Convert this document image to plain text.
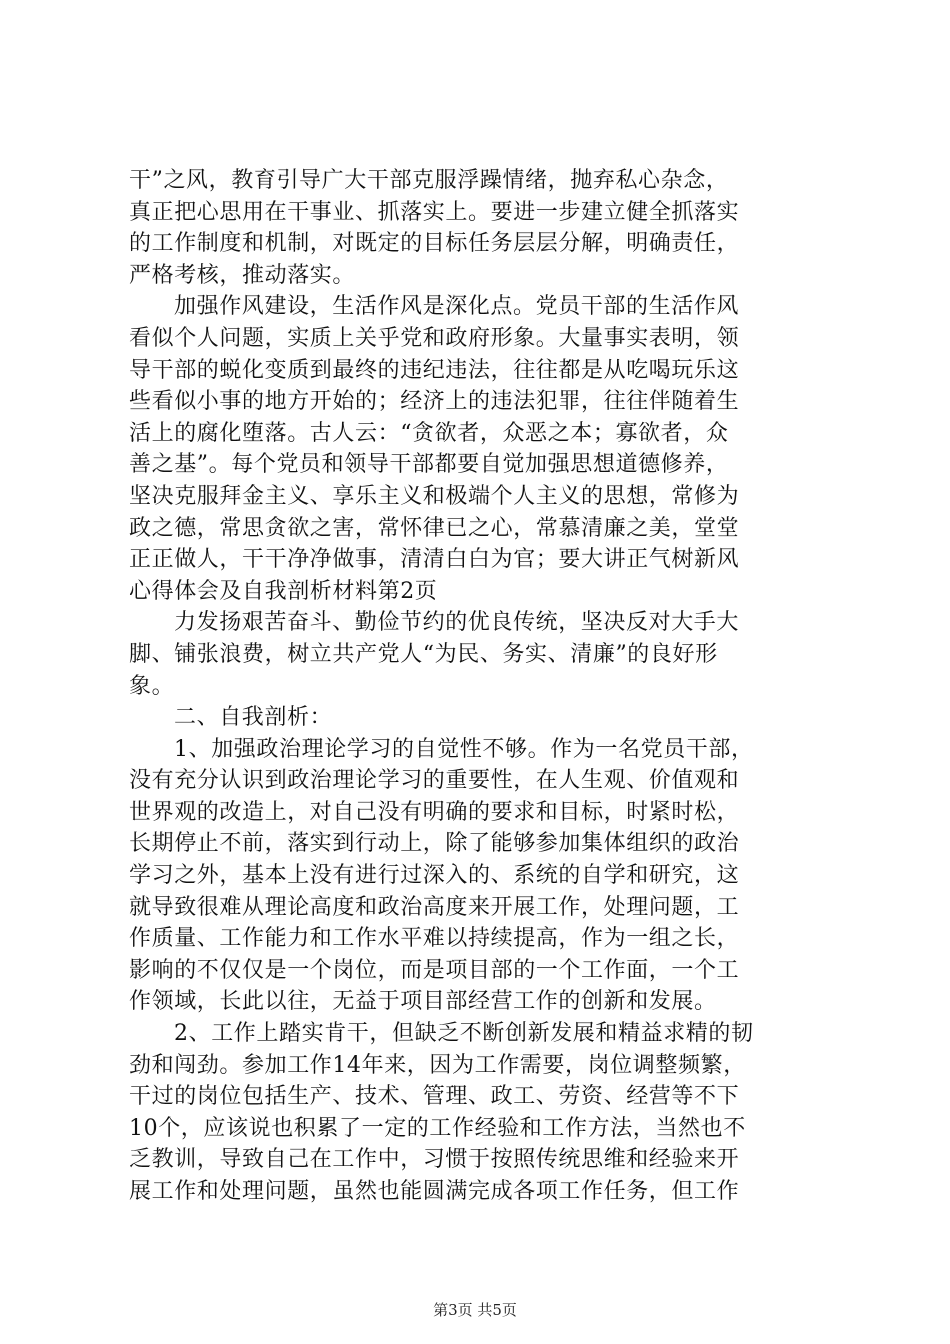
干”之风，教育引导广大干部克服浮躁情绪，抛弃私心杂念，
真正把心思用在干事业、抓落实上。要进一步建立健全抓落实
的工作制度和机制，对既定的目标任务层层分解，明确责任，
严格考核，推动落实。
加强作风建设，生活作风是深化点。党员干部的生活作风
看似个人问题，实质上关乎党和政府形象。大量事实表明，领
导干部的蜕化变质到最终的违纪违法，往往都是从吃喝玩乐这
些看似小事的地方开始的；经济上的违法犯罪，往往伴随着生
活上的腐化堕落。古人云：“贪欲者，众恶之本；寡欲者，众
善之基”。每个党员和领导干部都要自觉加强思想道德修养，
坚决克服拜金主义、享乐主义和极端个人主义的思想，常修为
政之德，常思贪欲之害，常怀律已之心，常慕清廉之美，堂堂
正正做人，干干净净做事，清清白白为官；要大讲正气树新风
心得体会及自我剖析材料第2页
力发扬艰苦奋斗、勤俭节约的优良传统，坚决反对大手大
脚、铺张浪费，树立共产党人“为民、务实、清廉”的良好形
象。
二、自我剖析：
1、加强政治理论学习的自觉性不够。作为一名党员干部，
没有充分认识到政治理论学习的重要性，在人生观、价值观和
世界观的改造上，对自己没有明确的要求和目标，时紧时松，
长期停止不前，落实到行动上，除了能够参加集体组织的政治
学习之外，基本上没有进行过深入的、系统的自学和研究，这
就导致很难从理论高度和政治高度来开展工作，处理问题，工
作质量、工作能力和工作水平难以持续提高，作为一组之长，
影响的不仅仅是一个岗位，而是项目部的一个工作面，一个工
作领域，长此以往，无益于项目部经营工作的创新和发展。
2、工作上踏实肯干，但缺乏不断创新发展和精益求精的韧
劲和闯劲。参加工作14年来，因为工作需要，岗位调整频繁，
干过的岗位包括生产、技术、管理、政工、劳资、经营等不下
10个，应该说也积累了一定的工作经验和工作方法，当然也不
乏教训，导致自己在工作中，习惯于按照传统思维和经验来开
展工作和处理问题，虽然也能圆满完成各项工作任务，但工作
第3页 共5页
